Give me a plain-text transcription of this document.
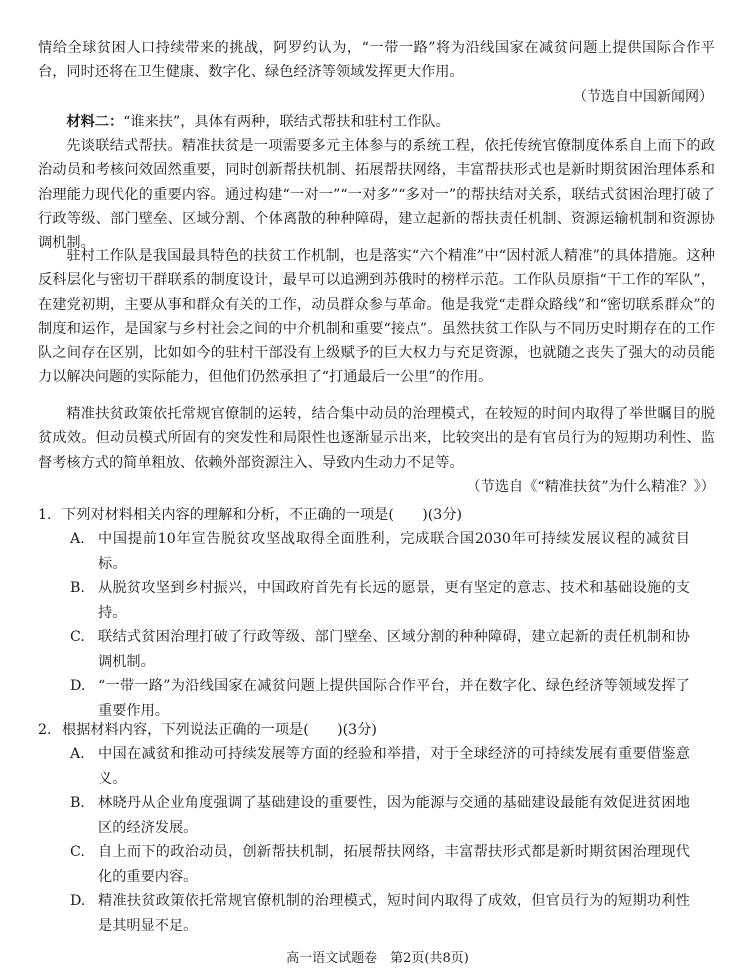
情给全球贫困人口持续带来的挑战，阿罗约认为，“一带一路”将为沿线国家在减贫问题上提供国际合作平台，同时还将在卫生健康、数字化、绿色经济等领域发挥更大作用。

（节选自中国新闻网）

材料二：“谁来扶”，具体有两种，联结式帮扶和驻村工作队。

先谈联结式帮扶。精准扶贫是一项需要多元主体参与的系统工程，依托传统官僚制度体系自上而下的政治动员和考核问效固然重要，同时创新帮扶机制、拓展帮扶网络，丰富帮扶形式也是新时期贫困治理体系和治理能力现代化的重要内容。通过构建“一对一”“一对多”“多对一”的帮扶结对关系，联结式贫困治理打破了行政等级、部门壁垒、区域分割、个体离散的种种障碍，建立起新的帮扶责任机制、资源运输机制和资源协调机制。

驻村工作队是我国最具特色的扶贫工作机制，也是落实“六个精准”中“因村派人精准”的具体措施。这种反科层化与密切干群联系的制度设计，最早可以追溯到苏俄时的榜样示范。工作队员原指“干工作的军队”，在建党初期，主要从事和群众有关的工作，动员群众参与革命。他是我党“走群众路线”和“密切联系群众”的制度和运作，是国家与乡村社会之间的中介机制和重要“接点”。虽然扶贫工作队与不同历史时期存在的工作队之间存在区别，比如如今的驻村干部没有上级赋予的巨大权力与充足资源，也就随之丧失了强大的动员能力以解决问题的实际能力，但他们仍然承担了“打通最后一公里”的作用。

精准扶贫政策依托常规官僚制的运转，结合集中动员的治理模式，在较短的时间内取得了举世瞩目的脱贫成效。但动员模式所固有的突发性和局限性也逐渐显示出来，比较突出的是有官员行为的短期功利性、监督考核方式的简单粗放、依赖外部资源注入、导致内生动力不足等。
（节选自《“精准扶贫”为什么精准？》）

1. 下列对材料相关内容的理解和分析，不正确的一项是(　　)(3分)
A. 中国提前10年宣告脱贫攻坚战取得全面胜利，完成联合国2030年可持续发展议程的减贫目标。
B. 从脱贫攻坚到乡村振兴，中国政府首先有长远的愿景，更有坚定的意志、技术和基础设施的支持。
C. 联结式贫困治理打破了行政等级、部门壁垒、区域分割的种种障碍，建立起新的责任机制和协调机制。
D. “一带一路”为沿线国家在减贫问题上提供国际合作平台，并在数字化、绿色经济等领域发挥了重要作用。
2. 根据材料内容，下列说法正确的一项是(　　)(3分)
A. 中国在减贫和推动可持续发展等方面的经验和举措，对于全球经济的可持续发展有重要借鉴意义。
B. 林晓丹从企业角度强调了基础建设的重要性，因为能源与交通的基础建设最能有效促进贫困地区的经济发展。
C. 自上而下的政治动员，创新帮扶机制，拓展帮扶网络，丰富帮扶形式都是新时期贫困治理现代化的重要内容。
D. 精准扶贫政策依托常规官僚机制的治理模式，短时间内取得了成效，但官员行为的短期功利性是其明显不足。
高一语文试题卷　第2页(共8页)
